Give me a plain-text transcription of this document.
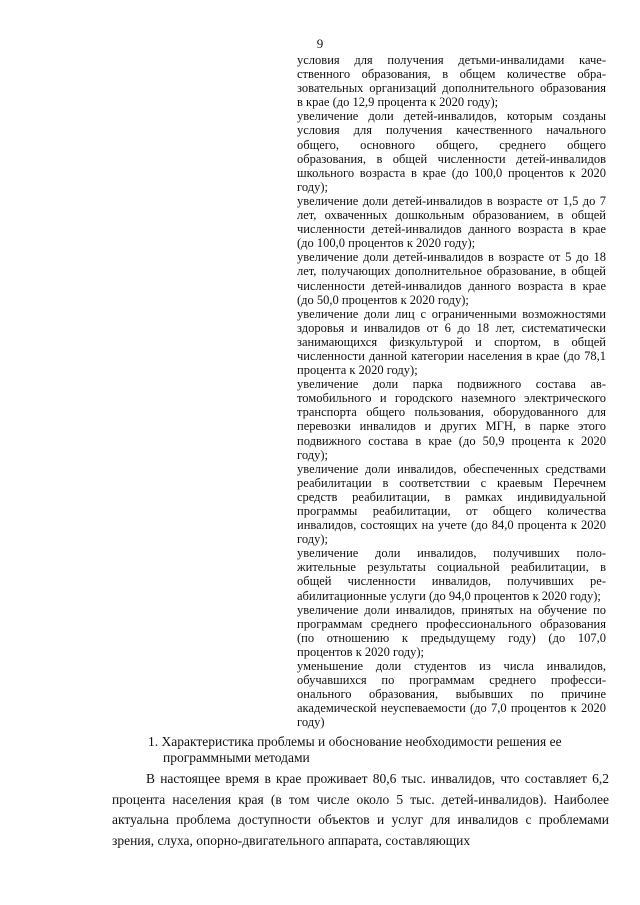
9

условия для получения детьми-инвалидами качественного образования, в общем количестве образовательных организаций дополнительного образования в крае (до 12,9 процента к 2020 году);

увеличение доли детей-инвалидов, которым созданы условия для получения качественного начального общего, основного общего, среднего общего образования, в общей численности детей-инвалидов школьного возраста в крае (до 100,0 процентов к 2020 году);

увеличение доли детей-инвалидов в возрасте от 1,5 до 7 лет, охваченных дошкольным образованием, в общей численности детей-инвалидов данного возраста в крае (до 100,0 процентов к 2020 году);

увеличение доли детей-инвалидов в возрасте от 5 до 18 лет, получающих дополнительное образование, в общей численности детей-инвалидов данного возраста в крае (до 50,0 процентов к 2020 году);

увеличение доли лиц с ограниченными возможностями здоровья и инвалидов от 6 до 18 лет, систематически занимающихся физкультурой и спортом, в общей численности данной категории населения в крае (до 78,1 процента к 2020 году);

увеличение доли парка подвижного состава автомобильного и городского наземного электрического транспорта общего пользования, оборудованного для перевозки инвалидов и других МГН, в парке этого подвижного состава в крае (до 50,9 процента к 2020 году);

увеличение доли инвалидов, обеспеченных средствами реабилитации в соответствии с краевым Перечнем средств реабилитации, в рамках индивидуальной программы реабилитации, от общего количества инвалидов, состоящих на учете (до 84,0 процента к 2020 году);

увеличение доли инвалидов, получивших положительные результаты социальной реабилитации, в общей численности инвалидов, получивших реабилитационные услуги (до 94,0 процентов к 2020 году);

увеличение доли инвалидов, принятых на обучение по программам среднего профессионального образования (по отношению к предыдущему году) (до 107,0 процентов к 2020 году);

уменьшение доли студентов из числа инвалидов, обучавшихся по программам среднего профессионального образования, выбывших по причине академической неуспеваемости (до 7,0 процентов к 2020 году)

1. Характеристика проблемы и обоснование необходимости решения ее программными методами

В настоящее время в крае проживает 80,6 тыс. инвалидов, что составляет 6,2 процента населения края (в том числе около 5 тыс. детей-инвалидов). Наиболее актуальна проблема доступности объектов и услуг для инвалидов с проблемами зрения, слуха, опорно-двигательного аппарата, составляющих
